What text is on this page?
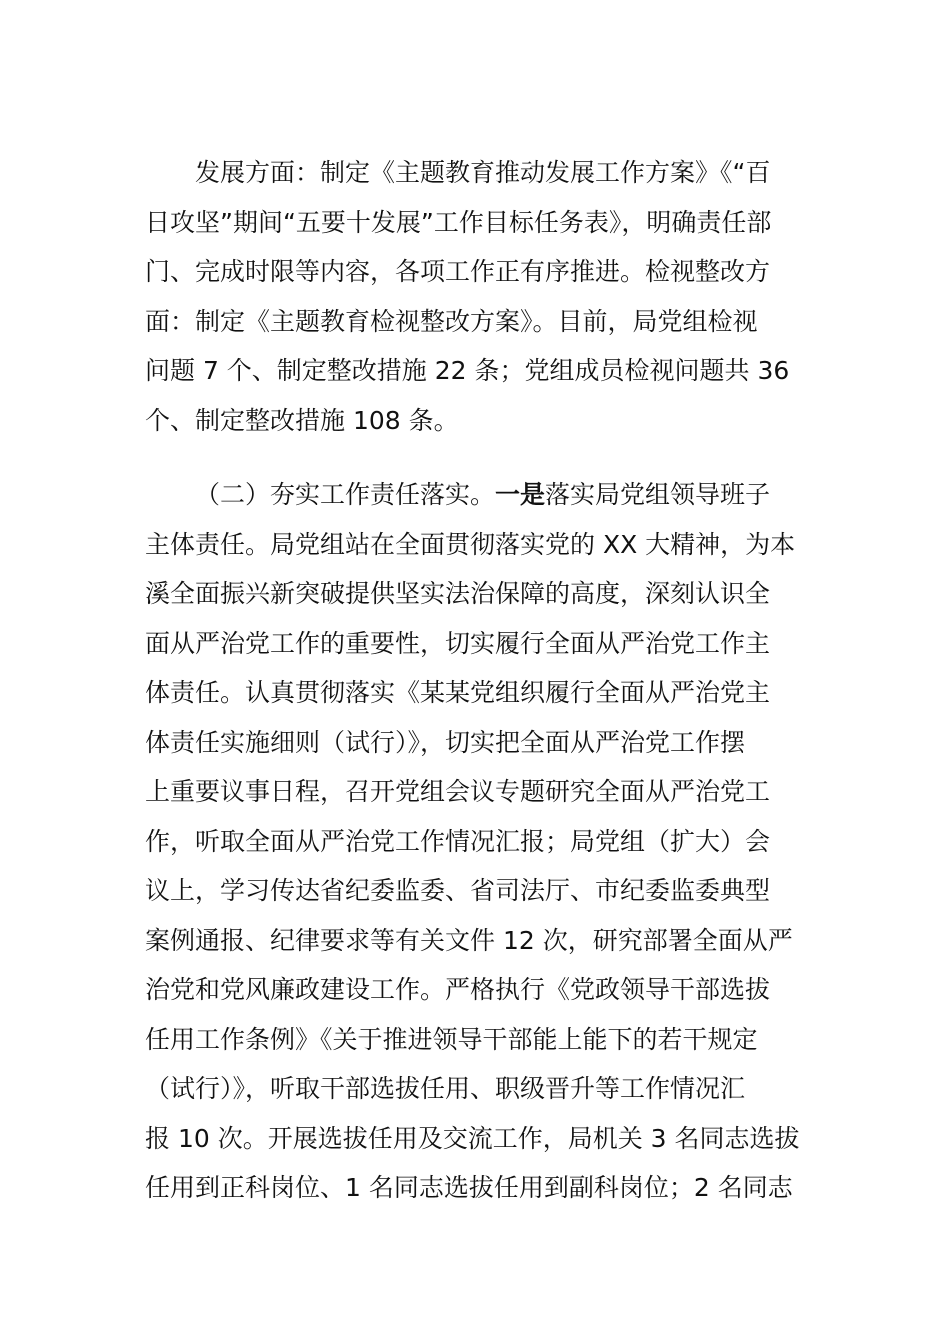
发展方面：制定《主题教育推动发展工作方案》《“百
日攻坚”期间“五要十发展”工作目标任务表》，明确责任部
门、完成时限等内容，各项工作正有序推进。检视整改方
面：制定《主题教育检视整改方案》。目前，局党组检视
问题 7 个、制定整改措施 22 条；党组成员检视问题共 36
个、制定整改措施 108 条。
（二）夯实工作责任落实。一是落实局党组领导班子
主体责任。局党组站在全面贯彻落实党的 XX 大精神，为本
溪全面振兴新突破提供坚实法治保障的高度，深刻认识全
面从严治党工作的重要性，切实履行全面从严治党工作主
体责任。认真贯彻落实《某某党组织履行全面从严治党主
体责任实施细则（试行）》，切实把全面从严治党工作摆
上重要议事日程，召开党组会议专题研究全面从严治党工
作，听取全面从严治党工作情况汇报；局党组（扩大）会
议上，学习传达省纪委监委、省司法厅、市纪委监委典型
案例通报、纪律要求等有关文件 12 次，研究部署全面从严
治党和党风廉政建设工作。严格执行《党政领导干部选拔
任用工作条例》《关于推进领导干部能上能下的若干规定
（试行）》，听取干部选拔任用、职级晋升等工作情况汇
报 10 次。开展选拔任用及交流工作，局机关 3 名同志选拔
任用到正科岗位、1 名同志选拔任用到副科岗位；2 名同志
